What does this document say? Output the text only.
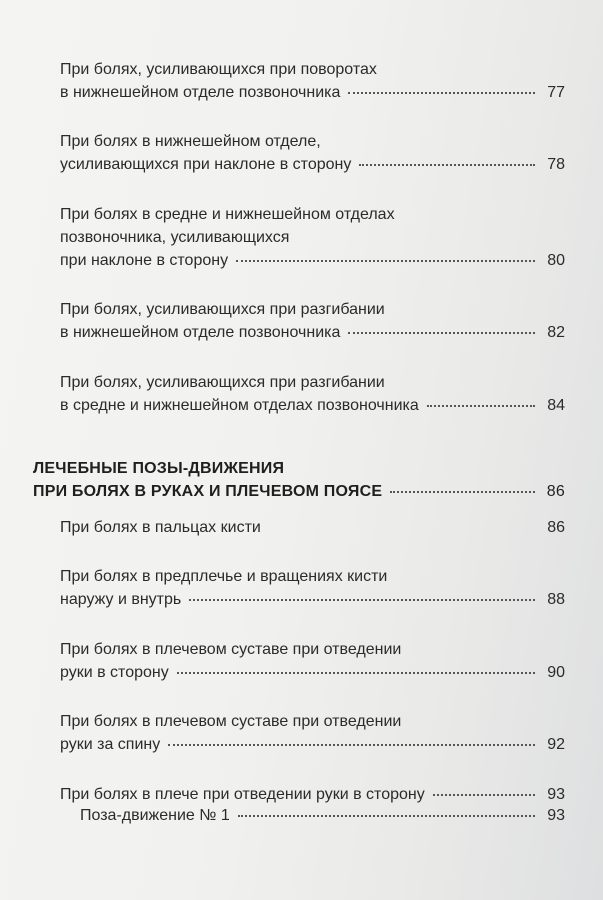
При болях, усиливающихся при поворотах
в нижнешейном отделе позвоночника	77
При болях в нижнешейном отделе,
усиливающихся при наклоне в сторону	78
При болях в средне и нижнешейном отделах
позвоночника, усиливающихся
при наклоне в сторону	80
При болях, усиливающихся при разгибании
в нижнешейном отделе позвоночника	82
При болях, усиливающихся при разгибании
в средне и нижнешейном отделах позвоночника	84
ЛЕЧЕБНЫЕ ПОЗЫ-ДВИЖЕНИЯ
ПРИ БОЛЯХ В РУКАХ И ПЛЕЧЕВОМ ПОЯСЕ	86
При болях в пальцах кисти	86
При болях в предплечье и вращениях кисти
наружу и внутрь	88
При болях в плечевом суставе при отведении
руки в сторону	90
При болях в плечевом суставе при отведении
руки за спину	92
При болях в плече при отведении руки в сторону	93
Поза-движение № 1	93
